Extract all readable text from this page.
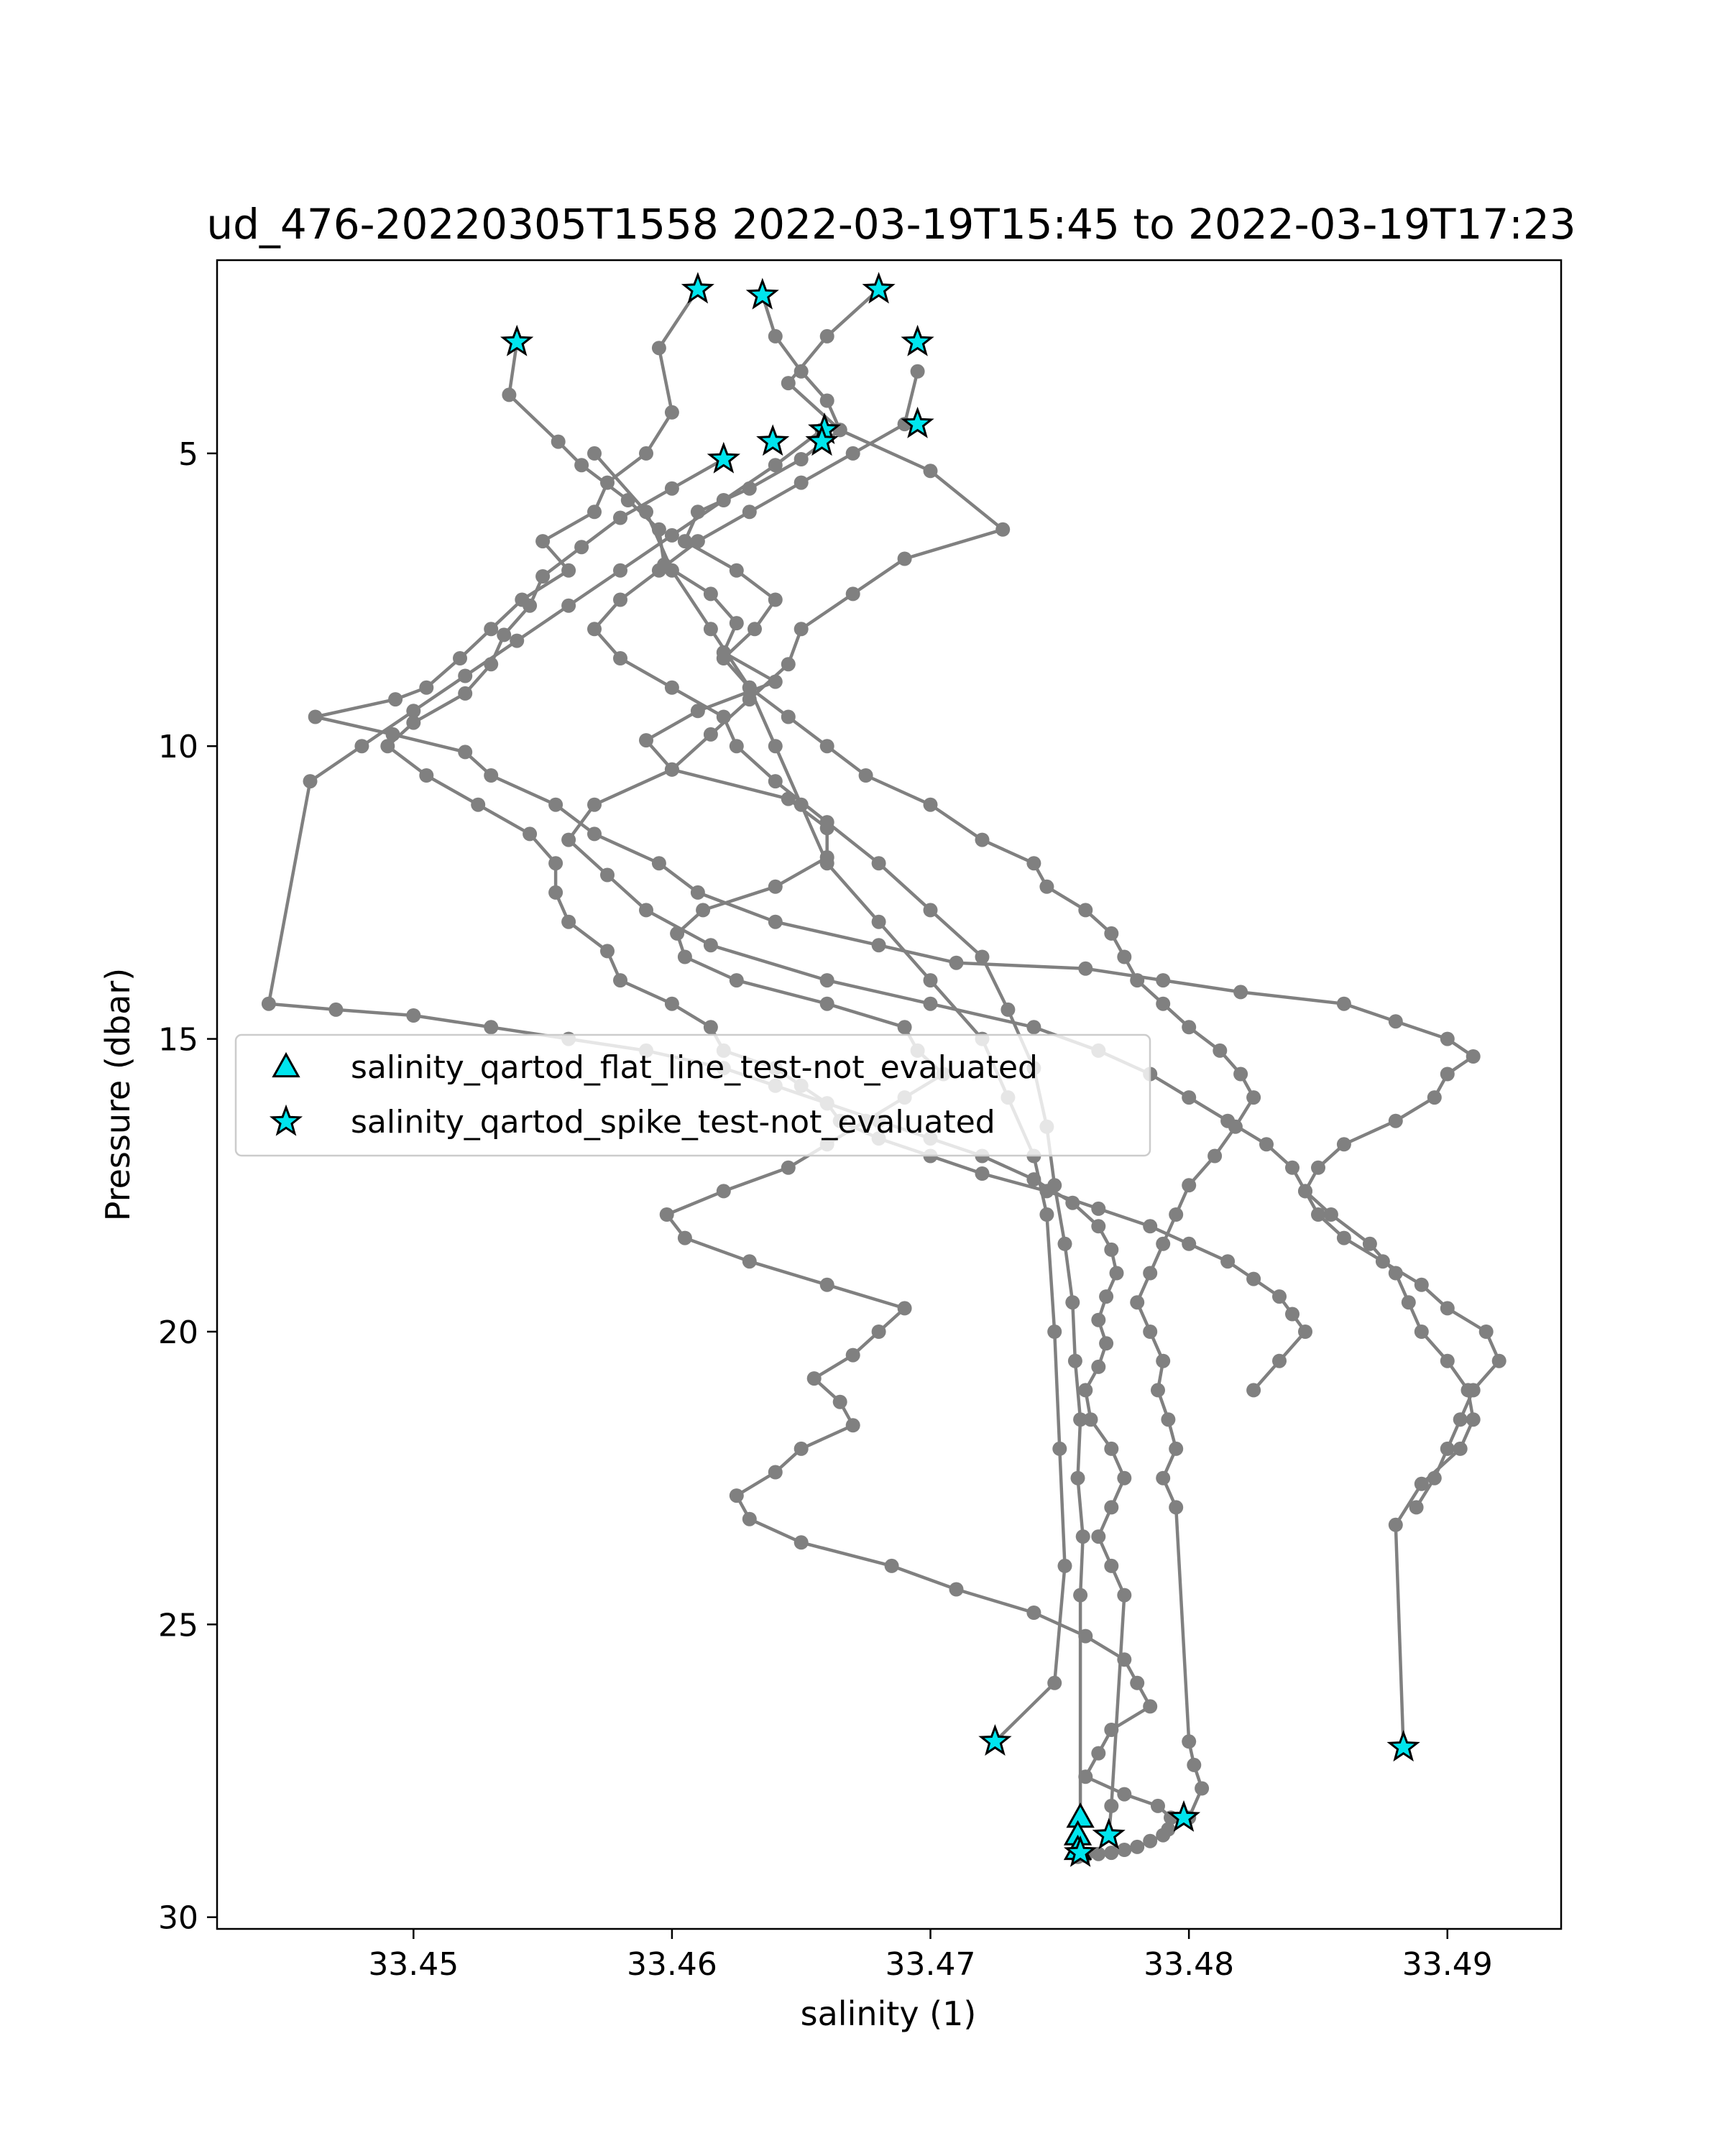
ud_476-20220305T1558 2022-03-19T15:45 to 2022-03-19T17:23
33.45	33.46	33.47	33.48	33.49
5
10
15
20
25
30
salinity (1)
Pressure (dbar)	salinity_qartod_flat_line_test-not_evaluated
salinity_qartod_spike_test-not_evaluated
